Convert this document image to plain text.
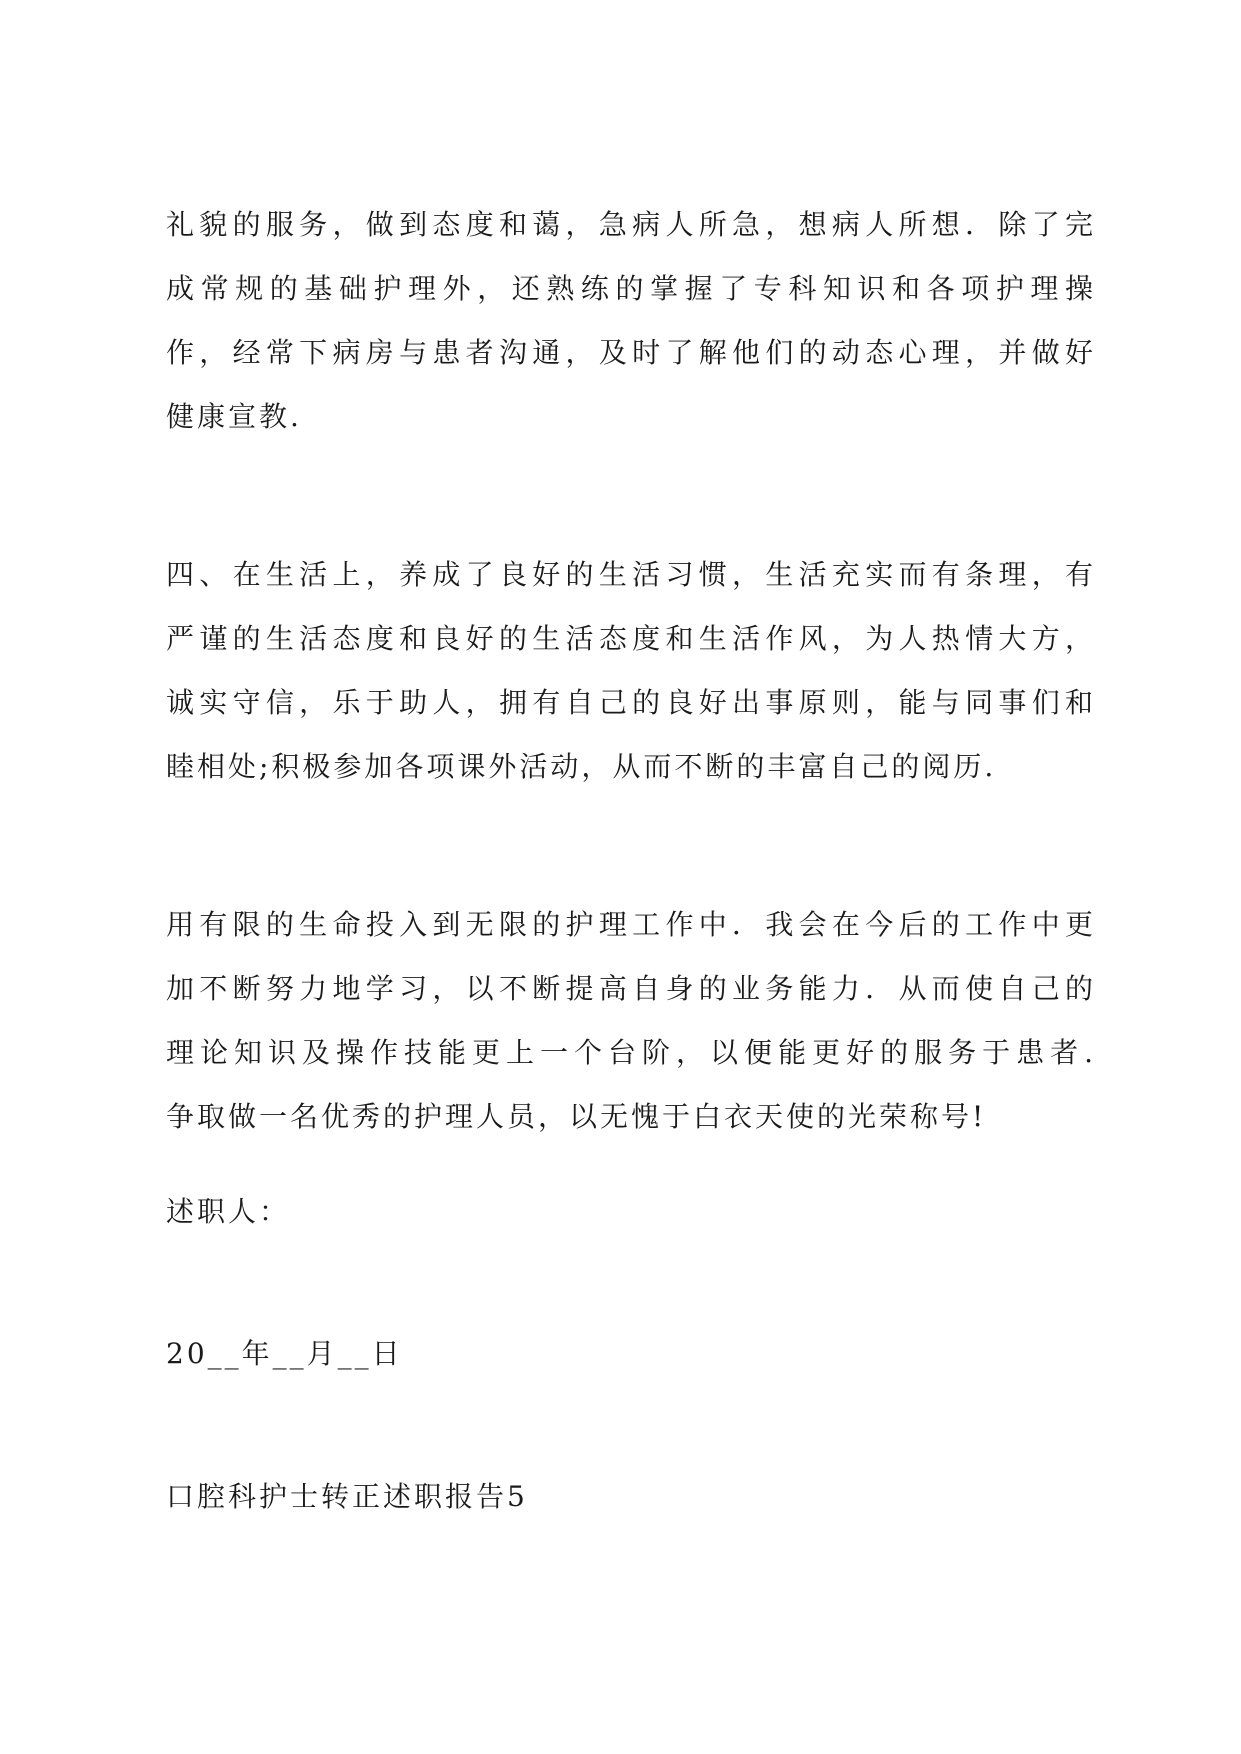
礼貌的服务，做到态度和蔼，急病人所急，想病人所想．除了完
成常规的基础护理外，还熟练的掌握了专科知识和各项护理操
作，经常下病房与患者沟通，及时了解他们的动态心理，并做好
健康宣教.
四、在生活上，养成了良好的生活习惯，生活充实而有条理，有
严谨的生活态度和良好的生活态度和生活作风，为人热情大方，
诚实守信，乐于助人，拥有自己的良好出事原则，能与同事们和
睦相处;积极参加各项课外活动，从而不断的丰富自己的阅历.
用有限的生命投入到无限的护理工作中．我会在今后的工作中更
加不断努力地学习，以不断提高自身的业务能力．从而使自己的
理论知识及操作技能更上一个台阶，以便能更好的服务于患者.
争取做一名优秀的护理人员，以无愧于白衣天使的光荣称号!
述职人：
20__年__月__日
口腔科护士转正述职报告5
